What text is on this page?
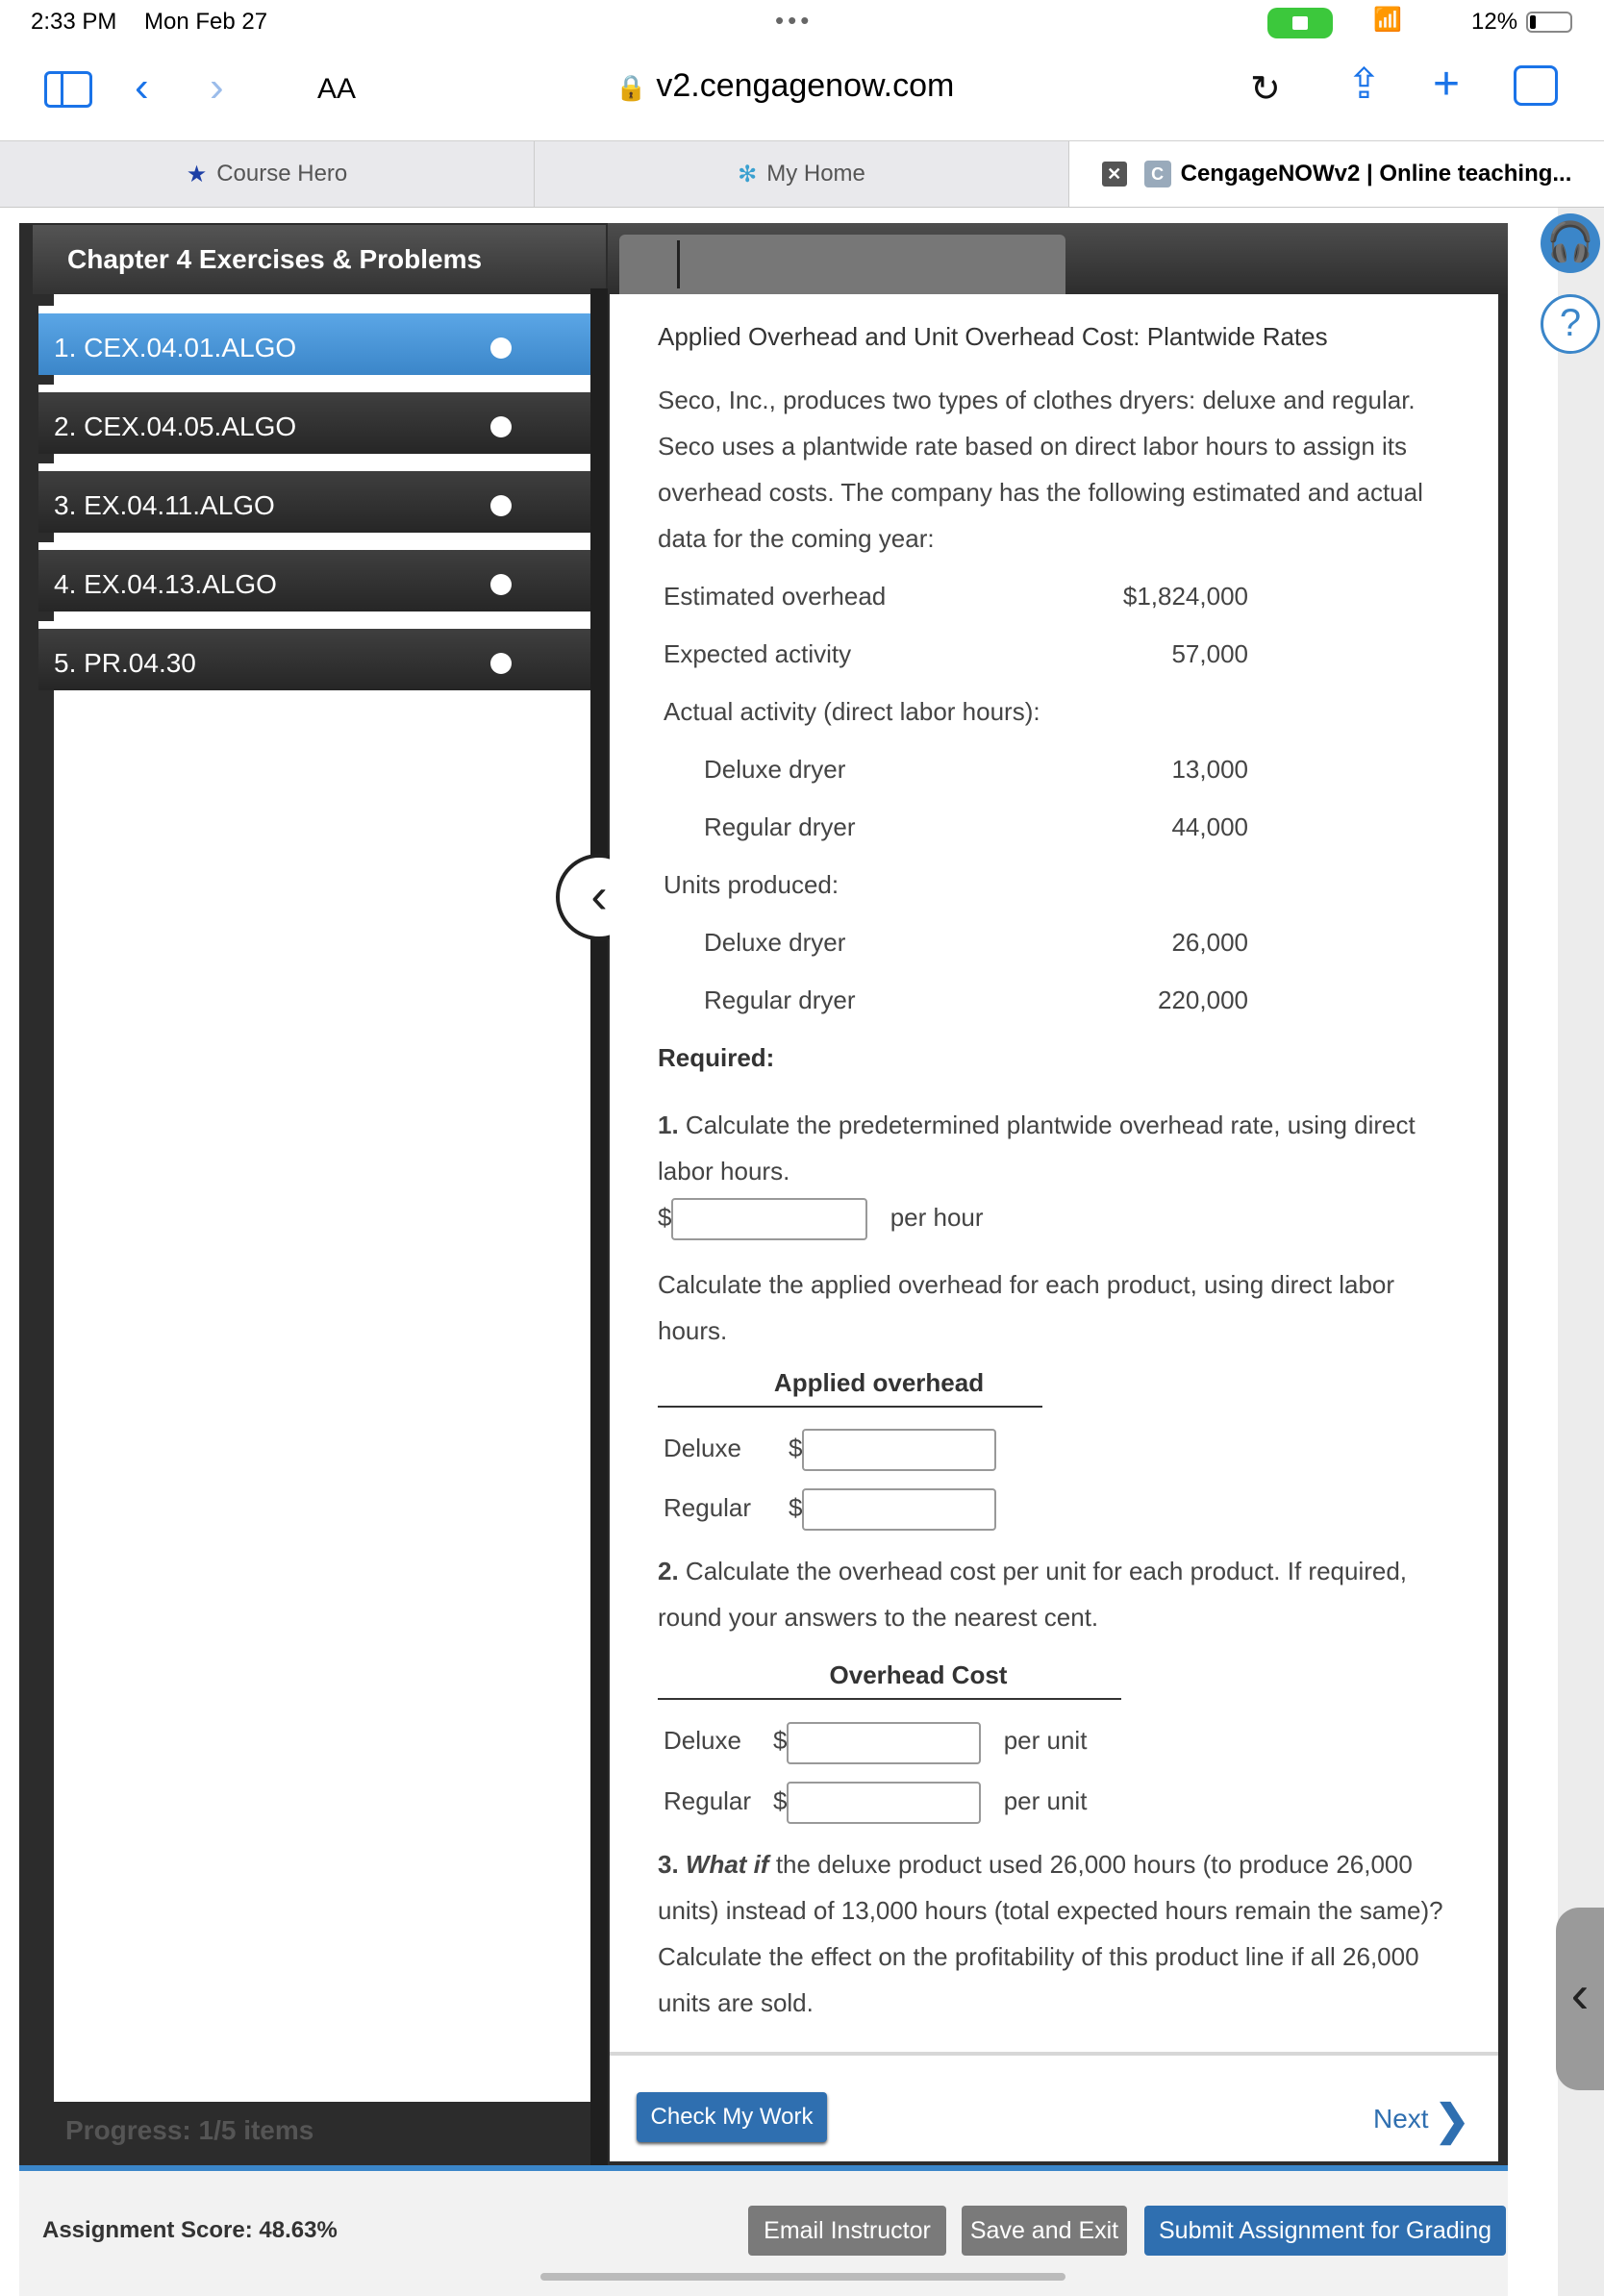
2:33 PM Mon Feb 27	•••	📶	12%
‹ ›	AA	🔒 v2.cengagenow.com	↻ ⇪ +
★ Course Hero	✻ My Home	✕	C CengageNOWv2 | Online teaching...
🎧
?
‹
Chapter 4 Exercises & Problems
1. CEX.04.01.ALGO
2. CEX.04.05.ALGO
3. EX.04.11.ALGO
4. EX.04.13.ALGO
5. PR.04.30
Progress: 1/5 items
‹

Applied Overhead and Unit Overhead Cost: Plantwide Rates

Seco, Inc., produces two types of clothes dryers: deluxe and regular. Seco uses a plantwide rate based on direct labor hours to assign its overhead costs. The company has the following estimated and actual data for the coming year:

Estimated overhead	$1,824,000
Expected activity	57,000
Actual activity (direct labor hours):	
Deluxe dryer	13,000
Regular dryer	44,000
Units produced:	
Deluxe dryer	26,000
Regular dryer	220,000

Required:

1. Calculate the predetermined plantwide overhead rate, using direct labor hours.

$	per hour

Calculate the applied overhead for each product, using direct labor hours.

Applied overhead
Deluxe $
Regular $

2. Calculate the overhead cost per unit for each product. If required, round your answers to the nearest cent.

Overhead Cost
Deluxe $	per unit
Regular $	per unit

3. What if the deluxe product used 26,000 hours (to produce 26,000 units) instead of 13,000 hours (total expected hours remain the same)? Calculate the effect on the profitability of this product line if all 26,000 units are sold.

Check My Work	Next ❯
Assignment Score: 48.63%	Email Instructor	Save and Exit	Submit Assignment for Grading
